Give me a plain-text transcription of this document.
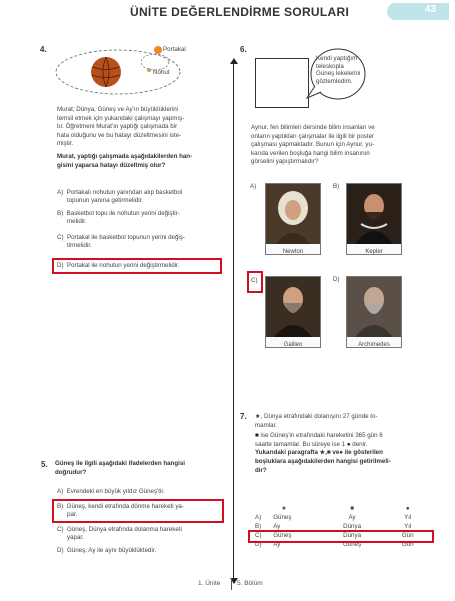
ÜNİTE DEĞERLENDİRME SORULARI	43
4.	Portakal
Nohut
Murat; Dünya, Güneş ve Ay'ın büyüklüklerini
temsil etmek için yukarıdaki çalışmayı yapmış-
tır. Öğretmeni Murat'ın yaptığı çalışmada bir
hata olduğunu ve bu hatayı düzeltmesini iste-
miştir.
Murat, yaptığı çalışmada aşağıdakilerden han-
gisini yaparsa hatayı düzeltmiş olur?
A) Portakalı nohutun yanından alıp basketbol
topunun yanına getirmelidir.
B) Basketbol topu ile nohutun yerini değiştir-
melidir.
C) Portakal ile basketbol topunun yerini değiş-
tirmelidir.
D) Portakal ile nohutun yerini değiştirmelidir.
5. Güneş ile ilgili aşağıdaki ifadelerden hangisi
doğrudur?
A) Evrendeki en büyük yıldız Güneş'tir.
B) Güneş, kendi etrafında dönme hareketi ya-
par.
C) Güneş, Dünya etrafında dolanma hareketi
yapar.
D) Güneş, Ay ile aynı büyüklüktedir.
6.
Kendi yaptığım
teleskopla
Güneş lekelerini
gözlemledim.
Aynur, fen bilimleri dersinde bilim insanları ve
onların yaptıkları çalışmalar ile ilgili bir poster
çalışması yapmaktadır. Bunun için Aynur, yu-
karıda verilen boşluğa hangi bilim insanının
görselini yapıştırmalıdır?
A)
Newton
B)
Kepler
C)
Galileo
D)
Archimedes
7. ★, Dünya etrafındaki dolanışını 27 günde to-
mamlar.
■ ise Güneş'in etrafındaki hareketini 365 gün 6
saatte tamamlar. Bu süreye ise 1 ● denir.
Yukarıdaki paragrafta ★,■ ve● ile gösterilen
boşluklara aşağıdakilerden hangisi getirilmeli-
dir?
	★	■	●
A)	Güneş	Ay	Yıl
B)	Ay	Dünya	Yıl
C)	Güneş	Dünya	Gün
D)	Ay	Güneş	Gün
1. Ünite	5. Bölüm
